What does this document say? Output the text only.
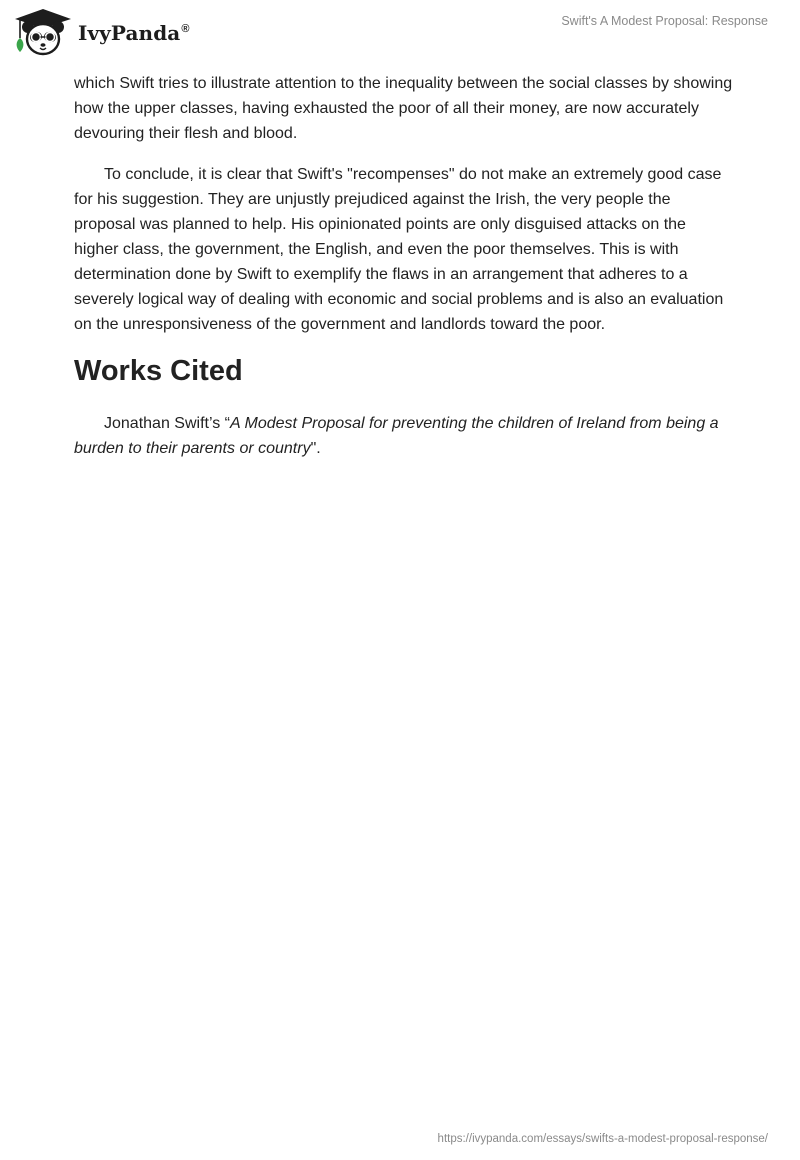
IvyPanda®
Swift's A Modest Proposal: Response

which Swift tries to illustrate attention to the inequality between the social classes by showing how the upper classes, having exhausted the poor of all their money, are now accurately devouring their flesh and blood.

To conclude, it is clear that Swift's "recompenses" do not make an extremely good case for his suggestion. They are unjustly prejudiced against the Irish, the very people the proposal was planned to help. His opinionated points are only disguised attacks on the higher class, the government, the English, and even the poor themselves. This is with determination done by Swift to exemplify the flaws in an arrangement that adheres to a severely logical way of dealing with economic and social problems and is also an evaluation on the unresponsiveness of the government and landlords toward the poor.

Works Cited

Jonathan Swift’s “A Modest Proposal for preventing the children of Ireland from being a burden to their parents or country".

https://ivypanda.com/essays/swifts-a-modest-proposal-response/
